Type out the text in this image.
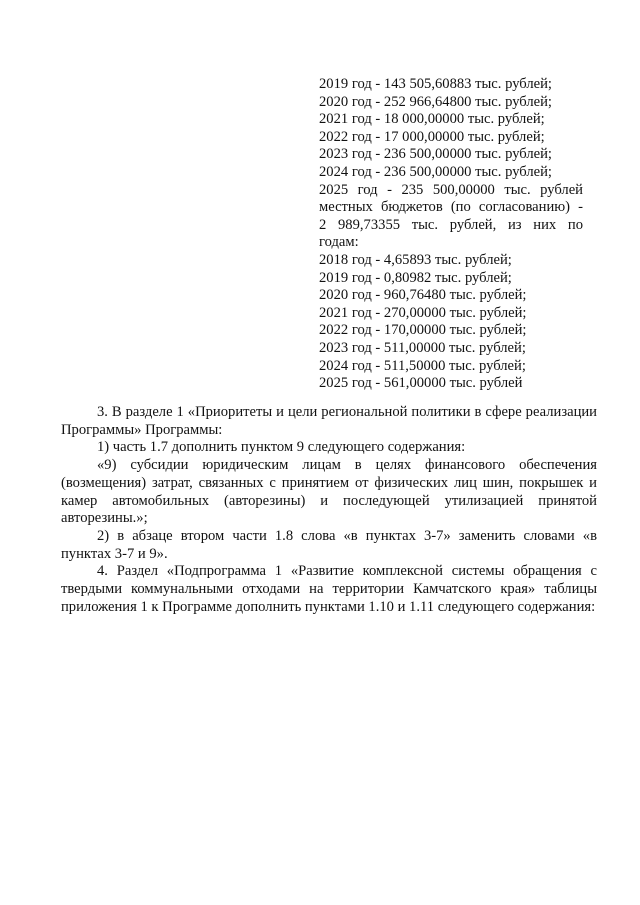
2019 год - 143 505,60883 тыс. рублей;
2020 год - 252 966,64800 тыс. рублей;
2021 год - 18 000,00000 тыс. рублей;
2022 год - 17 000,00000 тыс. рублей;
2023 год - 236 500,00000 тыс. рублей;
2024 год - 236 500,00000 тыс. рублей;
2025 год - 235 500,00000 тыс. рублей
местных бюджетов (по согласованию) -
2 989,73355 тыс. рублей, из них по
годам:
2018 год - 4,65893 тыс. рублей;
2019 год - 0,80982 тыс. рублей;
2020 год - 960,76480 тыс. рублей;
2021 год - 270,00000 тыс. рублей;
2022 год - 170,00000 тыс. рублей;
2023 год - 511,00000 тыс. рублей;
2024 год - 511,50000 тыс. рублей;
2025 год - 561,00000 тыс. рублей

3. В разделе 1 «Приоритеты и цели региональной политики в сфере реализации Программы» Программы:

1) часть 1.7 дополнить пунктом 9 следующего содержания:

«9) субсидии юридическим лицам в целях финансового обеспечения (возмещения) затрат, связанных с принятием от физических лиц шин, покрышек и камер автомобильных (авторезины) и последующей утилизацией принятой авторезины.»;

2) в абзаце втором части 1.8 слова «в пунктах 3-7» заменить словами «в пунктах 3-7 и 9».

4. Раздел «Подпрограмма 1 «Развитие комплексной системы обращения с твердыми коммунальными отходами на территории Камчатского края» таблицы приложения 1 к Программе дополнить пунктами 1.10 и 1.11 следующего содержания:
